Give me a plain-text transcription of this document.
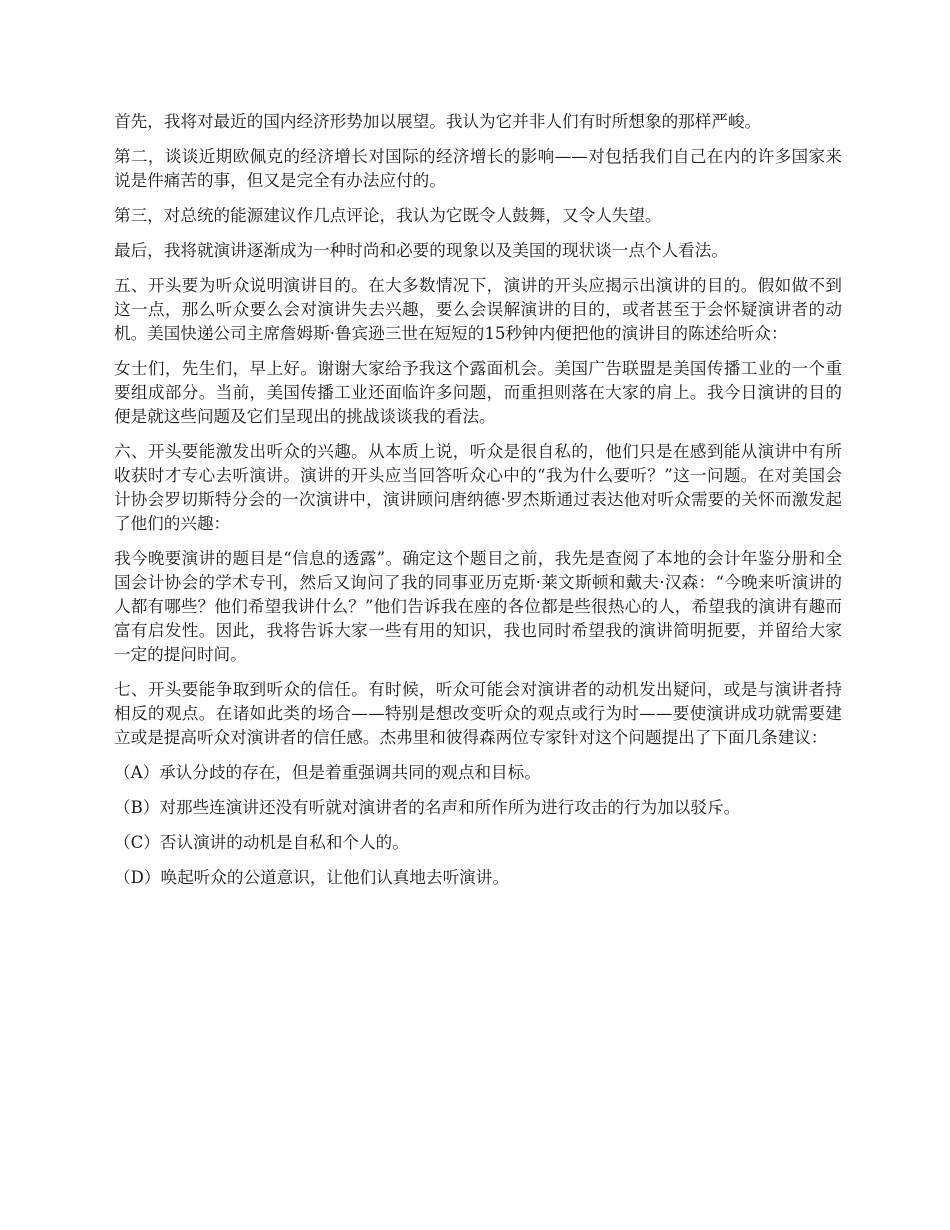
首先，我将对最近的国内经济形势加以展望。我认为它并非人们有时所想象的那样严峻。

第二，谈谈近期欧佩克的经济增长对国际的经济增长的影响——对包括我们自己在内的许多国家来说是件痛苦的事，但又是完全有办法应付的。

第三，对总统的能源建议作几点评论，我认为它既令人鼓舞，又令人失望。

最后，我将就演讲逐渐成为一种时尚和必要的现象以及美国的现状谈一点个人看法。

五、开头要为听众说明演讲目的。在大多数情况下，演讲的开头应揭示出演讲的目的。假如做不到这一点，那么听众要么会对演讲失去兴趣，要么会误解演讲的目的，或者甚至于会怀疑演讲者的动机。美国快递公司主席詹姆斯·鲁宾逊三世在短短的15秒钟内便把他的演讲目的陈述给听众：

女士们，先生们，早上好。谢谢大家给予我这个露面机会。美国广告联盟是美国传播工业的一个重要组成部分。当前，美国传播工业还面临许多问题，而重担则落在大家的肩上。我今日演讲的目的便是就这些问题及它们呈现出的挑战谈谈我的看法。

六、开头要能激发出听众的兴趣。从本质上说，听众是很自私的，他们只是在感到能从演讲中有所收获时才专心去听演讲。演讲的开头应当回答听众心中的“我为什么要听？”这一问题。在对美国会计协会罗切斯特分会的一次演讲中，演讲顾问唐纳德·罗杰斯通过表达他对听众需要的关怀而激发起了他们的兴趣：

我今晚要演讲的题目是“信息的透露”。确定这个题目之前，我先是查阅了本地的会计年鉴分册和全国会计协会的学术专刊，然后又询问了我的同事亚历克斯·莱文斯顿和戴夫·汉森：“今晚来听演讲的人都有哪些？他们希望我讲什么？”他们告诉我在座的各位都是些很热心的人，希望我的演讲有趣而富有启发性。因此，我将告诉大家一些有用的知识，我也同时希望我的演讲简明扼要，并留给大家一定的提问时间。

七、开头要能争取到听众的信任。有时候，听众可能会对演讲者的动机发出疑问，或是与演讲者持相反的观点。在诸如此类的场合——特别是想改变听众的观点或行为时——要使演讲成功就需要建立或是提高听众对演讲者的信任感。杰弗里和彼得森两位专家针对这个问题提出了下面几条建议：

（A）承认分歧的存在，但是着重强调共同的观点和目标。

（B）对那些连演讲还没有听就对演讲者的名声和所作所为进行攻击的行为加以驳斥。

（C）否认演讲的动机是自私和个人的。

（D）唤起听众的公道意识，让他们认真地去听演讲。
